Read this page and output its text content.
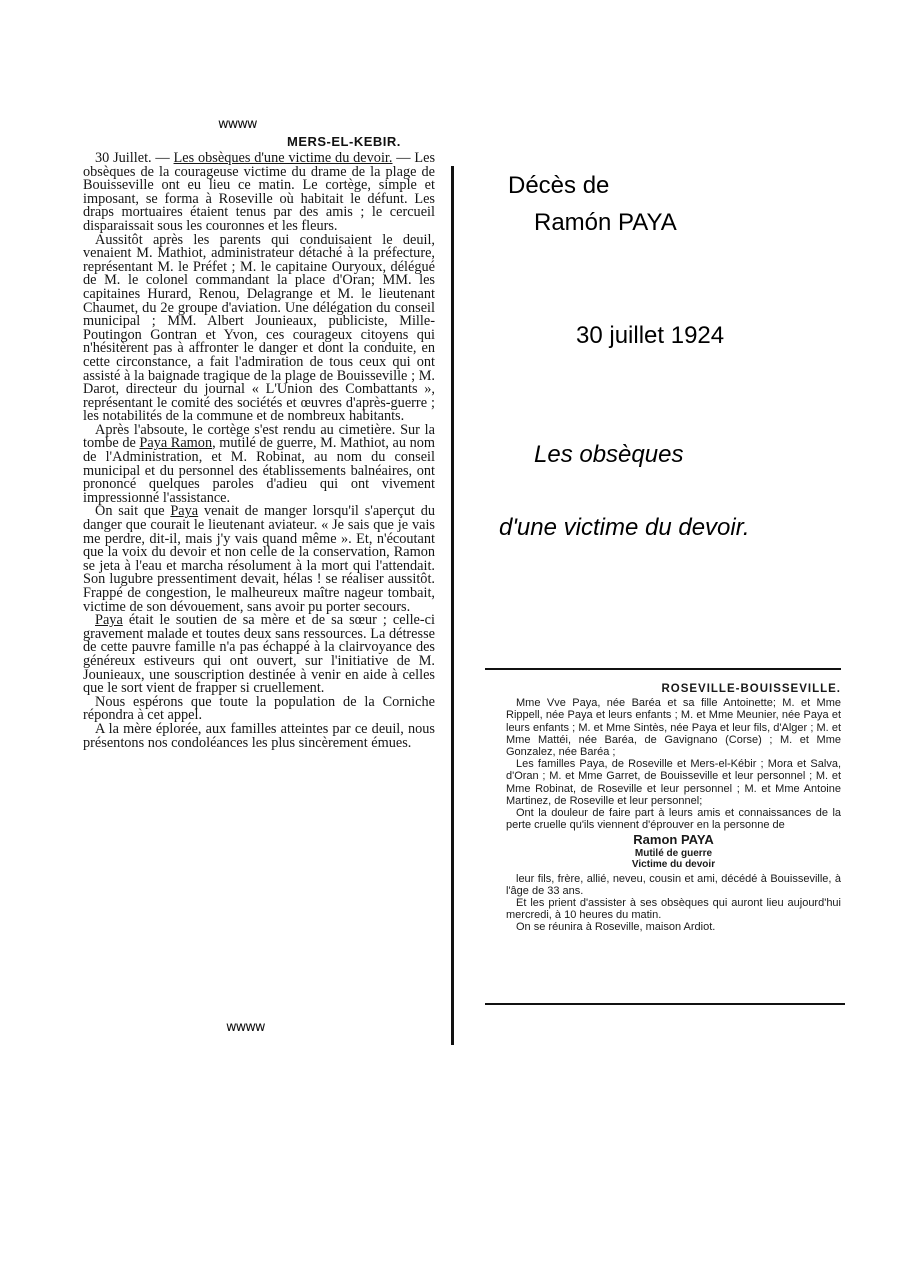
wwww
MERS-EL-KEBIR.

30 Juillet. — Les obsèques d'une victime du devoir. — Les obsèques de la courageuse victime du drame de la plage de Bouisseville ont eu lieu ce matin. Le cortège, simple et imposant, se forma à Roseville où habitait le défunt. Les draps mortuaires étaient tenus par des amis ; le cercueil disparaissait sous les couronnes et les fleurs.

Aussitôt après les parents qui conduisaient le deuil, venaient M. Mathiot, administrateur détaché à la préfecture, représentant M. le Préfet ; M. le capitaine Ouryoux, délégué de M. le colonel commandant la place d'Oran; MM. les capitaines Hurard, Renou, Delagrange et M. le lieutenant Chaumet, du 2e groupe d'aviation. Une délégation du conseil municipal ; MM. Albert Jounieaux, publiciste, Mille-Poutingon Gontran et Yvon, ces courageux citoyens qui n'hésitèrent pas à affronter le danger et dont la conduite, en cette circonstance, a fait l'admiration de tous ceux qui ont assisté à la baignade tragique de la plage de Bouisseville ; M. Darot, directeur du journal « L'Union des Combattants », représentant le comité des sociétés et œuvres d'après-guerre ; les notabilités de la commune et de nombreux habitants.

Après l'absoute, le cortège s'est rendu au cimetière. Sur la tombe de Paya Ramon, mutilé de guerre, M. Mathiot, au nom de l'Administration, et M. Robinat, au nom du conseil municipal et du personnel des établissements balnéaires, ont prononcé quelques paroles d'adieu qui ont vivement impressionné l'assistance.

On sait que Paya venait de manger lorsqu'il s'aperçut du danger que courait le lieutenant aviateur. « Je sais que je vais me perdre, dit-il, mais j'y vais quand même ». Et, n'écoutant que la voix du devoir et non celle de la conservation, Ramon se jeta à l'eau et marcha résolument à la mort qui l'attendait. Son lugubre pressentiment devait, hélas ! se réaliser aussitôt. Frappé de congestion, le malheureux maître nageur tombait, victime de son dévouement, sans avoir pu porter secours.

Paya était le soutien de sa mère et de sa sœur ; celle-ci gravement malade et toutes deux sans ressources. La détresse de cette pauvre famille n'a pas échappé à la clairvoyance des généreux estiveurs qui ont ouvert, sur l'initiative de M. Jounieaux, une souscription destinée à venir en aide à celles que le sort vient de frapper si cruellement.

Nous espérons que toute la population de la Corniche répondra à cet appel.

A la mère éplorée, aux familles atteintes par ce deuil, nous présentons nos condoléances les plus sincèrement émues.

wwww
Décès de
Ramón PAYA
30 juillet 1924
Les obsèques
d'une victime du devoir.
ROSEVILLE-BOUISSEVILLE.

Mme Vve Paya, née Baréa et sa fille Antoinette; M. et Mme Rippell, née Paya et leurs enfants ; M. et Mme Meunier, née Paya et leurs enfants ; M. et Mme Sintès, née Paya et leur fils, d'Alger ; M. et Mme Mattéi, née Baréa, de Gavignano (Corse) ; M. et Mme Gonzalez, née Baréa ;

Les familles Paya, de Roseville et Mers-el-Kébir ; Mora et Salva, d'Oran ; M. et Mme Garret, de Bouisseville et leur personnel ; M. et Mme Robinat, de Roseville et leur personnel ; M. et Mme Antoine Martinez, de Roseville et leur personnel;

Ont la douleur de faire part à leurs amis et connaissances de la perte cruelle qu'ils viennent d'éprouver en la personne de

Ramon PAYA

Mutilé de guerre

Victime du devoir

leur fils, frère, allié, neveu, cousin et ami, décédé à Bouisseville, à l'âge de 33 ans.

Et les prient d'assister à ses obsèques qui auront lieu aujourd'hui mercredi, à 10 heures du matin.

On se réunira à Roseville, maison Ardiot.
